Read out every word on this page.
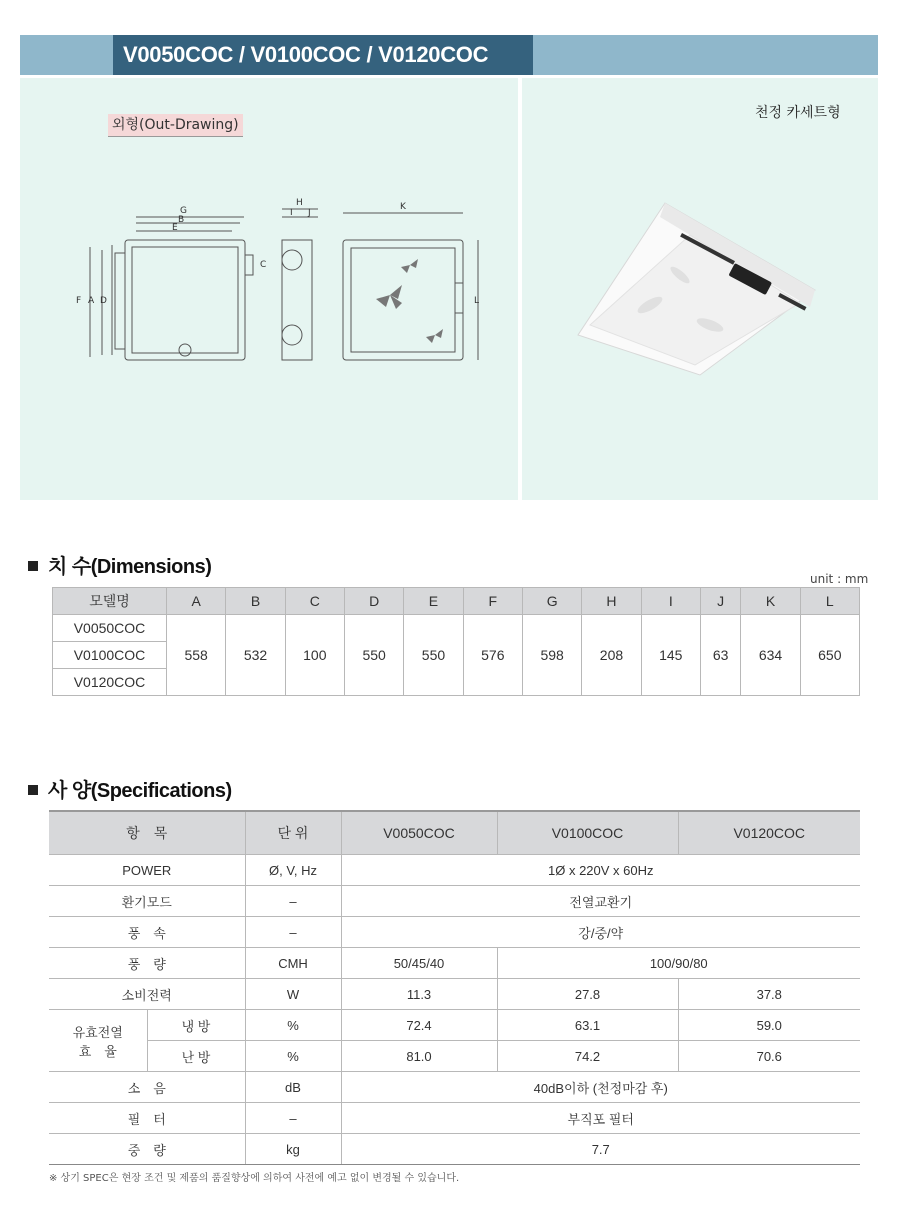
V0050COC / V0100COC / V0120COC
외형(Out-Drawing)
천정 카세트형
G
B
E
H
I J
K
C
F A D	L
치 수(Dimensions)
unit : mm
모델명	A	B	C	D	E	F	G	H	I	J	K	L
V0050COC	558	532	100	550	550	576	598	208	145	63	634	650
V0100COC												
V0120COC												
사 양(Specifications)
항　목		단 위	V0050COC	V0100COC	V0120COC
POWER		Ø, V, Hz	1Ø x 220V x 60Hz		
환기모드		–	전열교환기		
풍　속		–	강/중/약		
풍　량		CMH	50/45/40	100/90/80	
소비전력		W	11.3	27.8	37.8
유효전열
효　율	냉 방	%	72.4	63.1	59.0
	난 방	%	81.0	74.2	70.6
소　음		dB	40dB이하 (천정마감 후)		
필　터		–	부직포 필터		
중　량		kg	7.7		
※ 상기 SPEC은 현장 조건 및 제품의 품질향상에 의하여 사전에 예고 없이 변경될 수 있습니다.
